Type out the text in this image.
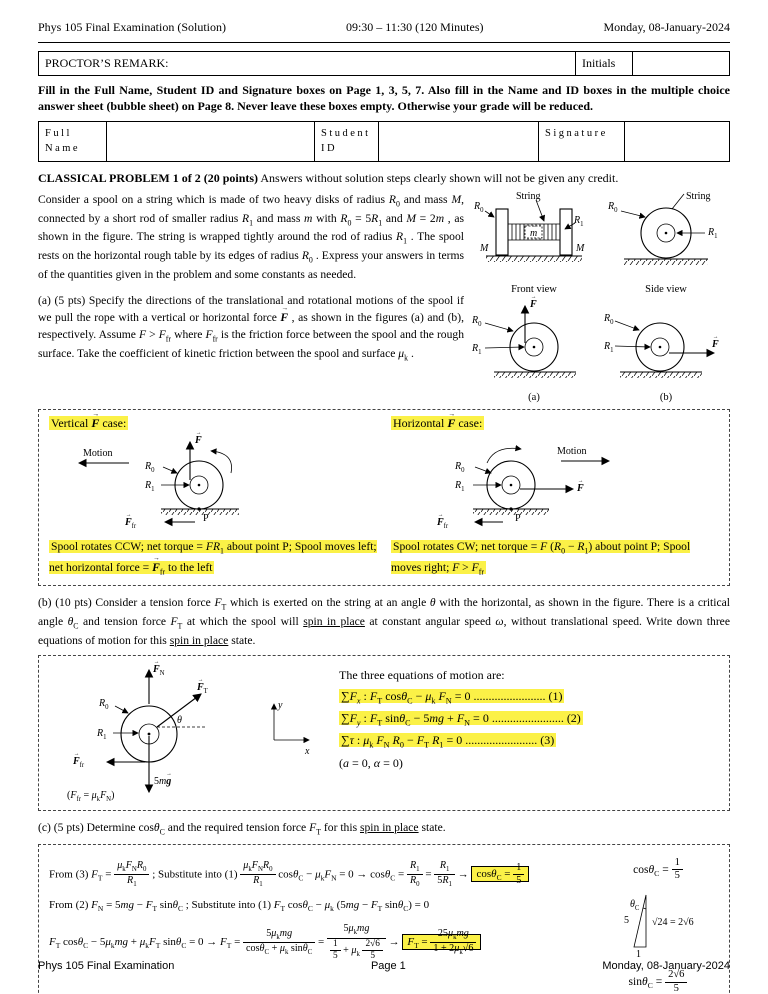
Phys 105 Final Examination (Solution)	09:30 – 11:30 (120 Minutes)	Monday, 08-January-2024
PROCTOR’S REMARK:	Initials

Fill in the Full Name, Student ID and Signature boxes on Page 1, 3, 5, 7. Also fill in the Name and ID boxes in the multiple choice answer sheet (bubble sheet) on Page 8. Never leave these boxes empty. Otherwise your grade will be reduced.

Full
Name
Student
ID
Signature

CLASSICAL PROBLEM 1 of 2 (20 points) Answers without solution steps clearly shown will not be given any credit.

Consider a spool on a string which is made of two heavy disks of radius $R_0$ and mass M, connected by a short rod of smaller radius $R_1$ and mass m with $R_0 = 5R_1$ and M = 2m , as shown in the figure. The string is wrapped tightly around the rod of radius $R_1$ . The spool rests on the horizontal rough table by its edges of radius $R_0$ . Express your answers in terms of the quantities given in the problem and some constants as needed.

(a) (5 pts) Specify the directions of the translational and rotational motions of the spool if we pull the rope with a vertical or horizontal force F → , as shown in the figures (a) and (b), respectively. Assume $F > F_{fr}$ where $F_{fr}$ is the friction force between the spool and the rough surface. Take the coefficient of kinetic friction between the spool and surface $\mu_k$ .

String
$R_0$
$R_1$
M	M
m →
Front view
String
$R_0$
$R_1$
Side view
F →
$R_0$
$R_1$
(a)
F →
$R_0$
$R_1$
(b)
Vertical F → case:
Motion
F →
$R_0$
$R_1$
$F \to_{fr}$
P

Spool rotates CCW; net torque = $FR_1$ about point P; Spool moves left; net horizontal force = $F \to_{fr}$ to the left

Horizontal F → case:
Motion
F →
$R_0$
$R_1$
$F \to_{fr}$
P

Spool rotates CW; net torque = F $(R_0 - R_1)$ about point P; Spool moves right; $F > F_{fr}$

(b) (10 pts) Consider a tension force $F_T$ which is exerted on the string at an angle θ with the horizontal, as shown in the figure. There is a critical angle $\theta_C$ and tension force $F_T$ at which the spool will spin in place at constant angular speed ω, without translational speed. Write down three equations of motion for this spin in place state.

$F \to_N$
$F \to_T$
θ
$R_0$
$R_1$
$F \to_{fr}$
5mg →
$(F_{fr} = \mu_kF_N)$
y
x

The three equations of motion are:

$\sum F_x$ : $F_T$ $\cos\theta_C - \mu_k$ $F_N = 0$ ........................ (1)

$\sum F_y$ : $F_T$ $\sin\theta_C - 5mg + F_N = 0$ ........................ (2)

∑τ : $\mu_k$ $F_N$ $R_0 - F_T$ $R_1 = 0$ ........................ (3)

(a = 0, α = 0)

(c) (5 pts) Determine cosθ$_C$ and the required tension force $F_T$ for this spin in place state.

From (3) $F_T$ =
$\mu_kF_NR_0$
$R_1$
; Substitute into (1)
$\mu_kF_NR_0$
$R_1$
$\cos\theta_C - \mu_kF_N = 0 \to \cos\theta_C = \frac{R_1}{R_0} = \frac{R_1}{5R_1} \to \cos\theta_C = \frac{1}{5}$

From (2) $F_N = 5mg - F_T$ sinθ$_C$ ; Substitute into (1) $F_T$ $\cos\theta_C - \mu_k$ ($5mg - F_T$ sinθ$_C$) = 0

$F_T$ $\cos\theta_C - 5\mu_kmg + \mu_kF_T$ $\sin\theta_C = 0 \to F_T$ =
$5\mu_kmg$
$\cos\theta_C + \mu_k$ sinθ$_C$
=
$5\mu_kmg$
$\frac{1}{5} + \mu_k \frac{2√6}{5} \to F_T$ =
$25\mu_kmg$
$1 + 2\mu_k√6$

$\cos\theta_C = \frac{1}{5}$

5
$\theta_C$
1
√24 = 2√6

$\sin\theta_C = \frac{2√6}{5}$

Phys 105 Final Examination	Page 1	Monday, 08-January-2024
